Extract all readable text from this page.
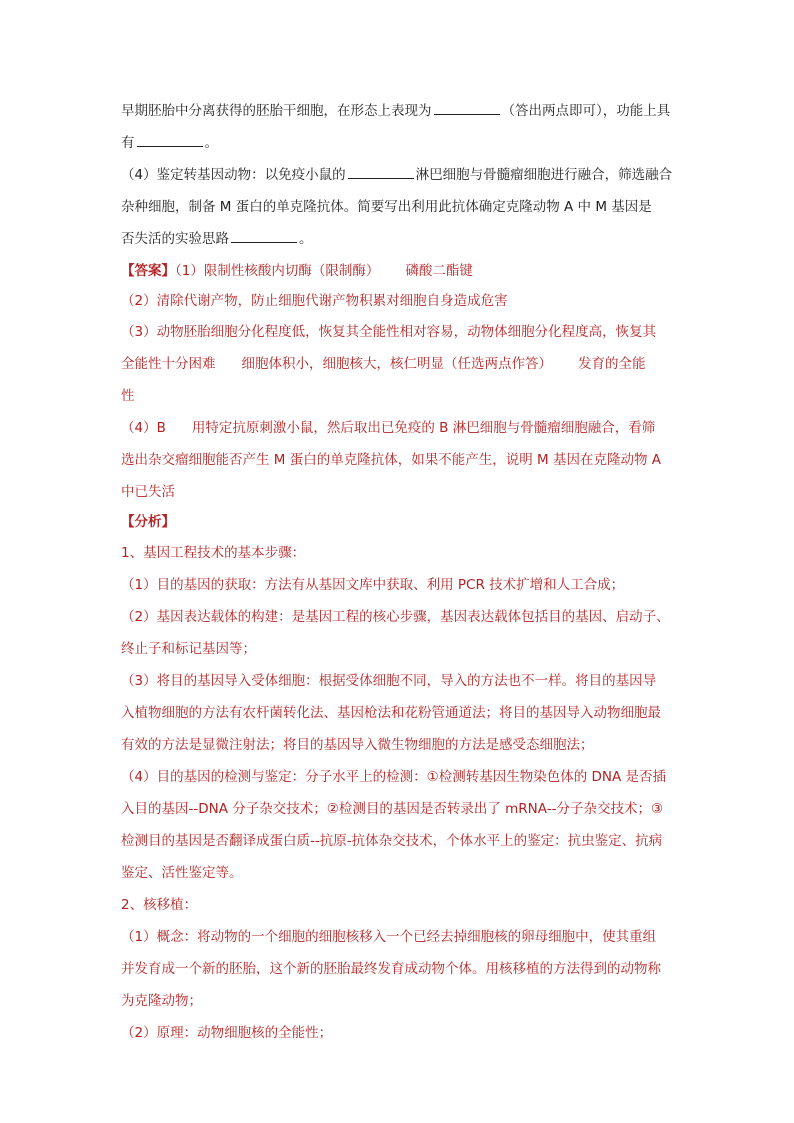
早期胚胎中分离获得的胚胎干细胞，在形态上表现为	（答出两点即可），功能上具
有	。
（4）鉴定转基因动物：以免疫小鼠的	淋巴细胞与骨髓瘤细胞进行融合，筛选融合
杂种细胞，制备 M 蛋白的单克隆抗体。简要写出利用此抗体确定克隆动物 A 中 M 基因是
否失活的实验思路	。
【答案】（1）限制性核酸内切酶（限制酶） 磷酸二酯键
（2）清除代谢产物，防止细胞代谢产物积累对细胞自身造成危害
（3）动物胚胎细胞分化程度低，恢复其全能性相对容易，动物体细胞分化程度高，恢复其
全能性十分困难 细胞体积小，细胞核大，核仁明显（任选两点作答） 发育的全能
性
（4）B 用特定抗原刺激小鼠，然后取出已免疫的 B 淋巴细胞与骨髓瘤细胞融合，看筛
选出杂交瘤细胞能否产生 M 蛋白的单克隆抗体，如果不能产生，说明 M 基因在克隆动物 A
中已失活
【分析】
1、基因工程技术的基本步骤：
（1）目的基因的获取：方法有从基因文库中获取、利用 PCR 技术扩增和人工合成；
（2）基因表达载体的构建：是基因工程的核心步骤，基因表达载体包括目的基因、启动子、
终止子和标记基因等；
（3）将目的基因导入受体细胞：根据受体细胞不同，导入的方法也不一样。将目的基因导
入植物细胞的方法有农杆菌转化法、基因枪法和花粉管通道法；将目的基因导入动物细胞最
有效的方法是显微注射法；将目的基因导入微生物细胞的方法是感受态细胞法；
（4）目的基因的检测与鉴定：分子水平上的检测：①检测转基因生物染色体的 DNA 是否插
入目的基因--DNA 分子杂交技术；②检测目的基因是否转录出了 mRNA--分子杂交技术；③
检测目的基因是否翻译成蛋白质--抗原-抗体杂交技术，个体水平上的鉴定：抗虫鉴定、抗病
鉴定、活性鉴定等。
2、核移植：
（1）概念：将动物的一个细胞的细胞核移入一个已经去掉细胞核的卵母细胞中，使其重组
并发育成一个新的胚胎，这个新的胚胎最终发育成动物个体。用核移植的方法得到的动物称
为克隆动物；
（2）原理：动物细胞核的全能性；
